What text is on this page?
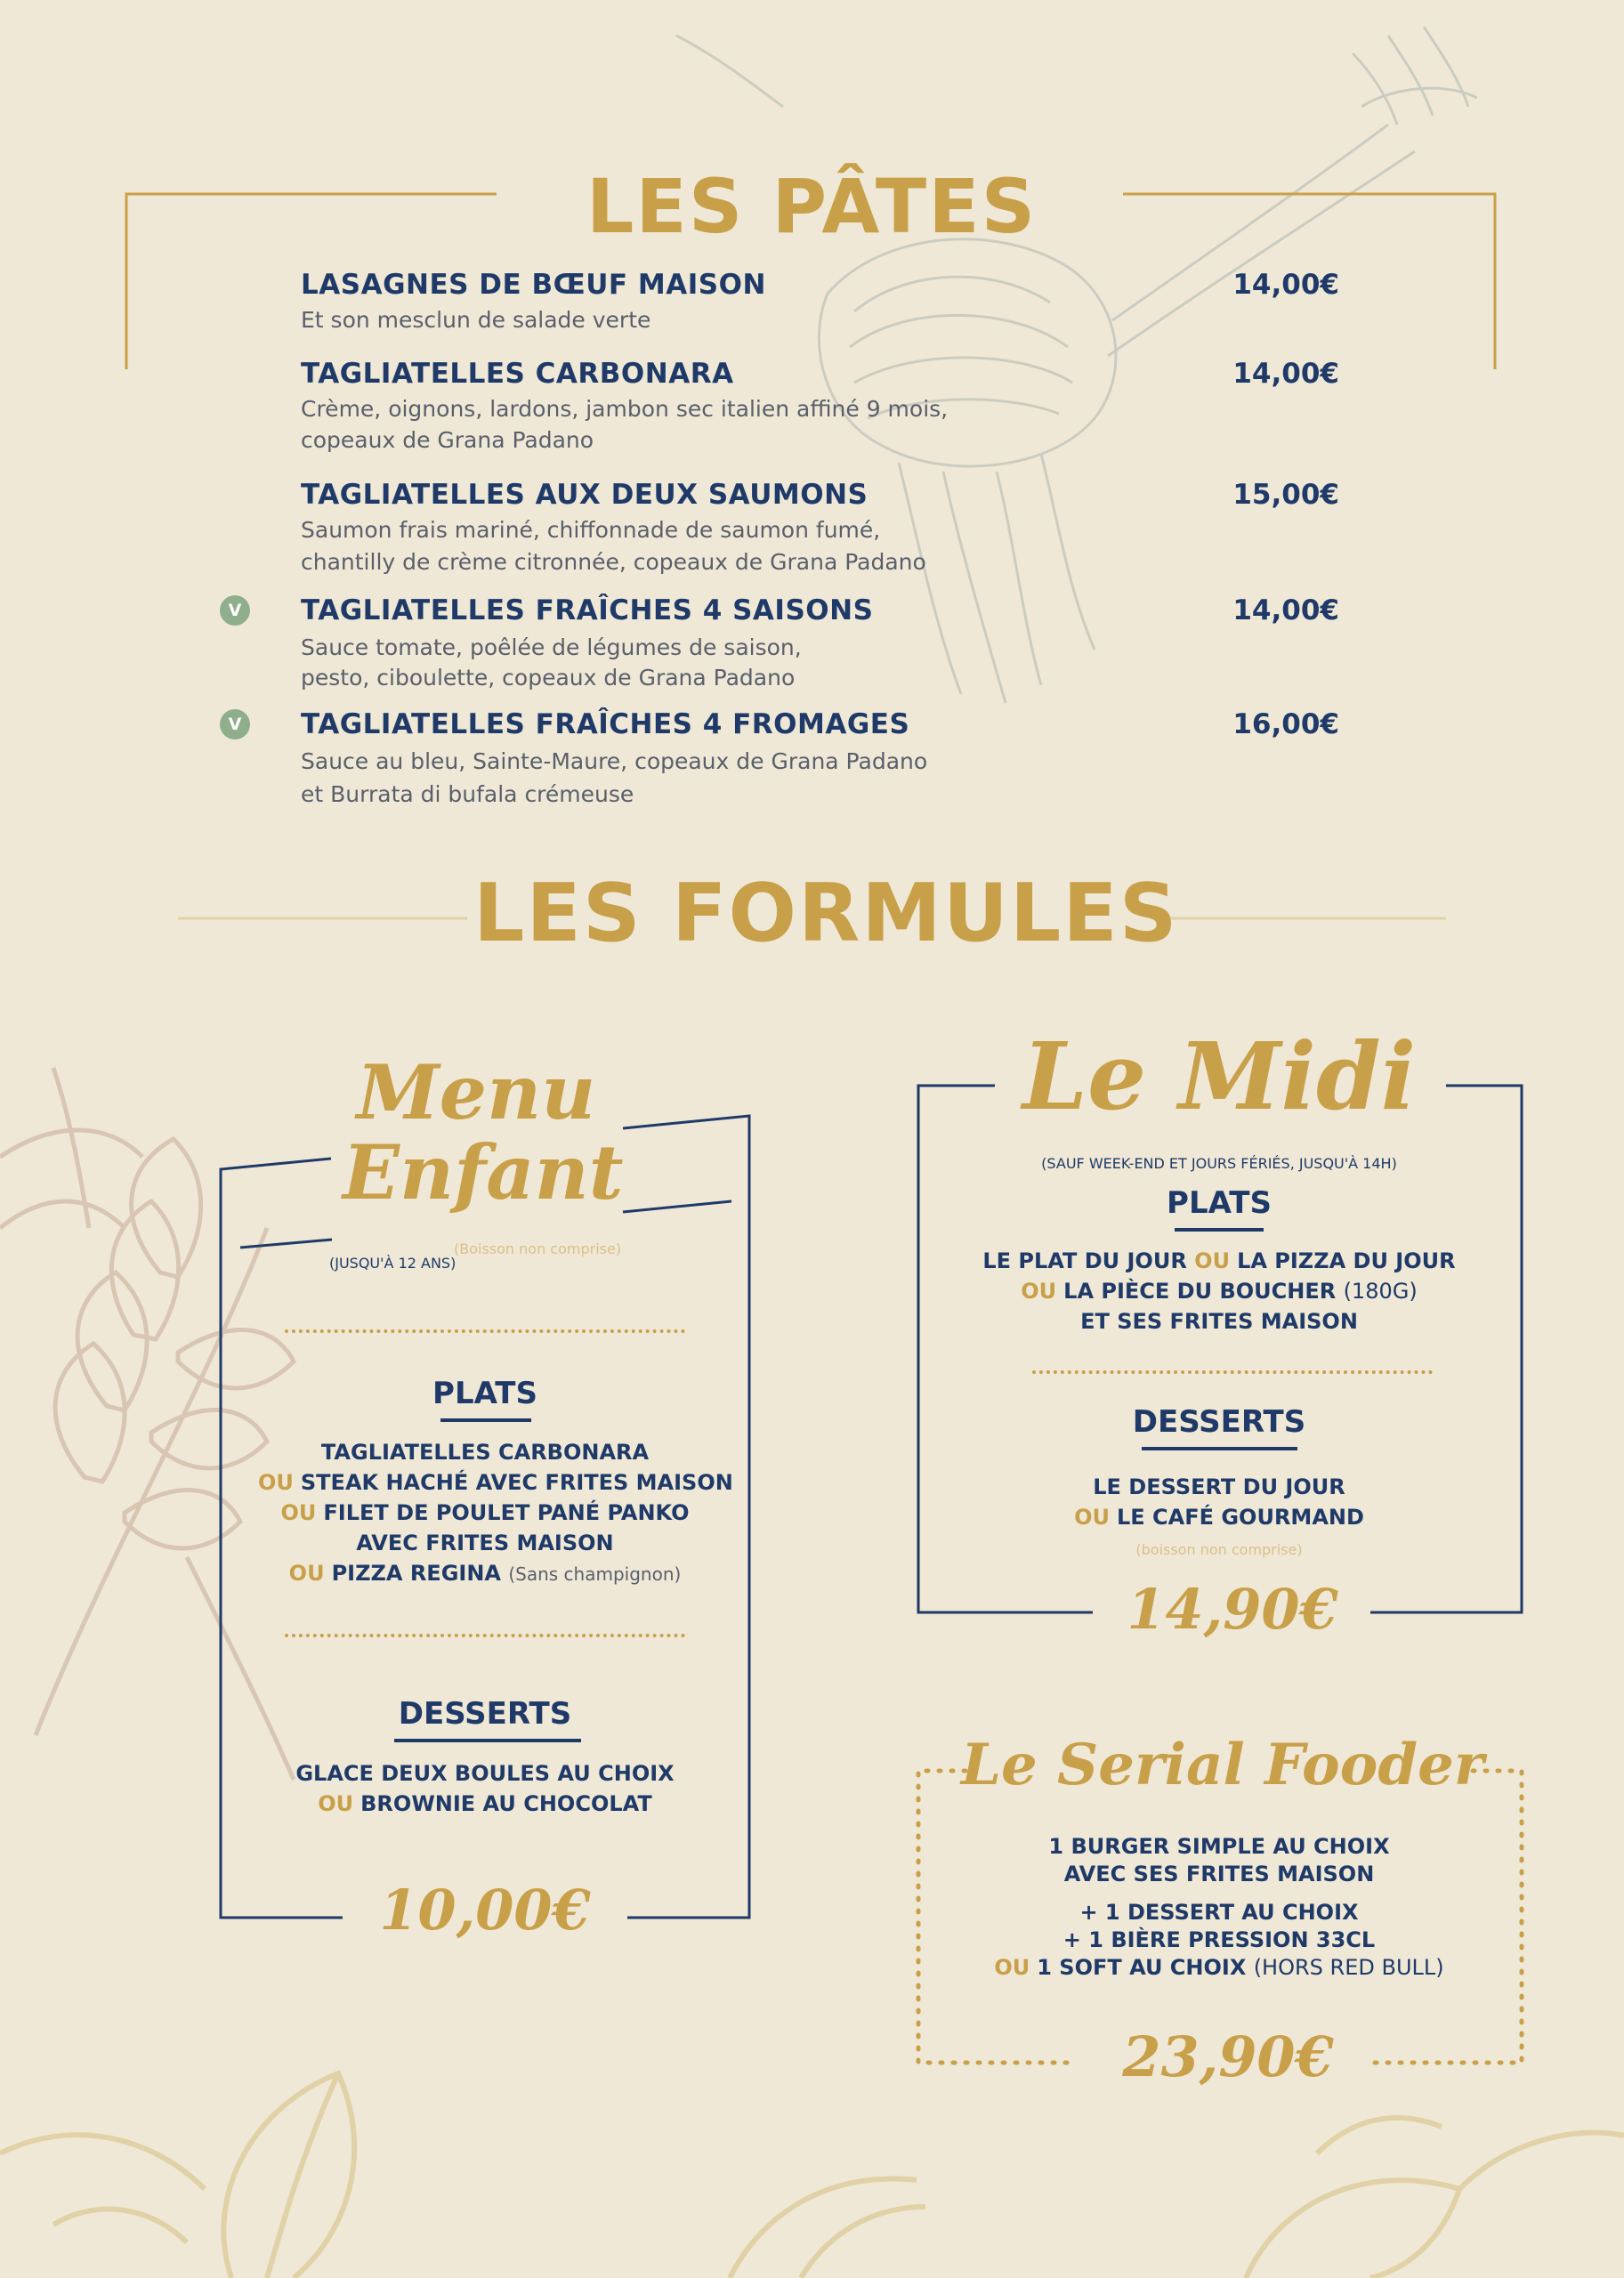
LES PÂTES
LASAGNES DE BŒUF MAISON	14,00€
Et son mesclun de salade verte
TAGLIATELLES CARBONARA	14,00€
Crème, oignons, lardons, jambon sec italien affiné 9 mois,
copeaux de Grana Padano
TAGLIATELLES AUX DEUX SAUMONS	15,00€
Saumon frais mariné, chiffonnade de saumon fumé,
chantilly de crème citronnée, copeaux de Grana Padano
V	TAGLIATELLES FRAÎCHES 4 SAISONS	14,00€
Sauce tomate, poêlée de légumes de saison,
pesto, ciboulette, copeaux de Grana Padano
V	TAGLIATELLES FRAÎCHES 4 FROMAGES	16,00€
Sauce au bleu, Sainte-Maure, copeaux de Grana Padano
et Burrata di bufala crémeuse
LES FORMULES
Menu
Enfant
(JUSQU'À 12 ANS)
(Boisson non comprise)
PLATS
TAGLIATELLES CARBONARA
OU STEAK HACHÉ AVEC FRITES MAISON
OU FILET DE POULET PANÉ PANKO
AVEC FRITES MAISON
OU PIZZA REGINA (Sans champignon)
DESSERTS
GLACE DEUX BOULES AU CHOIX
OU BROWNIE AU CHOCOLAT
10,00€
Le Midi
(SAUF WEEK-END ET JOURS FÉRIÉS, JUSQU'À 14H)
PLATS
LE PLAT DU JOUR OU LA PIZZA DU JOUR
OU LA PIÈCE DU BOUCHER (180G)
ET SES FRITES MAISON
DESSERTS
LE DESSERT DU JOUR
OU LE CAFÉ GOURMAND
(boisson non comprise)
14,90€
Le Serial Fooder
1 BURGER SIMPLE AU CHOIX
AVEC SES FRITES MAISON
+ 1 DESSERT AU CHOIX
+ 1 BIÈRE PRESSION 33CL
OU 1 SOFT AU CHOIX (HORS RED BULL)
23,90€
